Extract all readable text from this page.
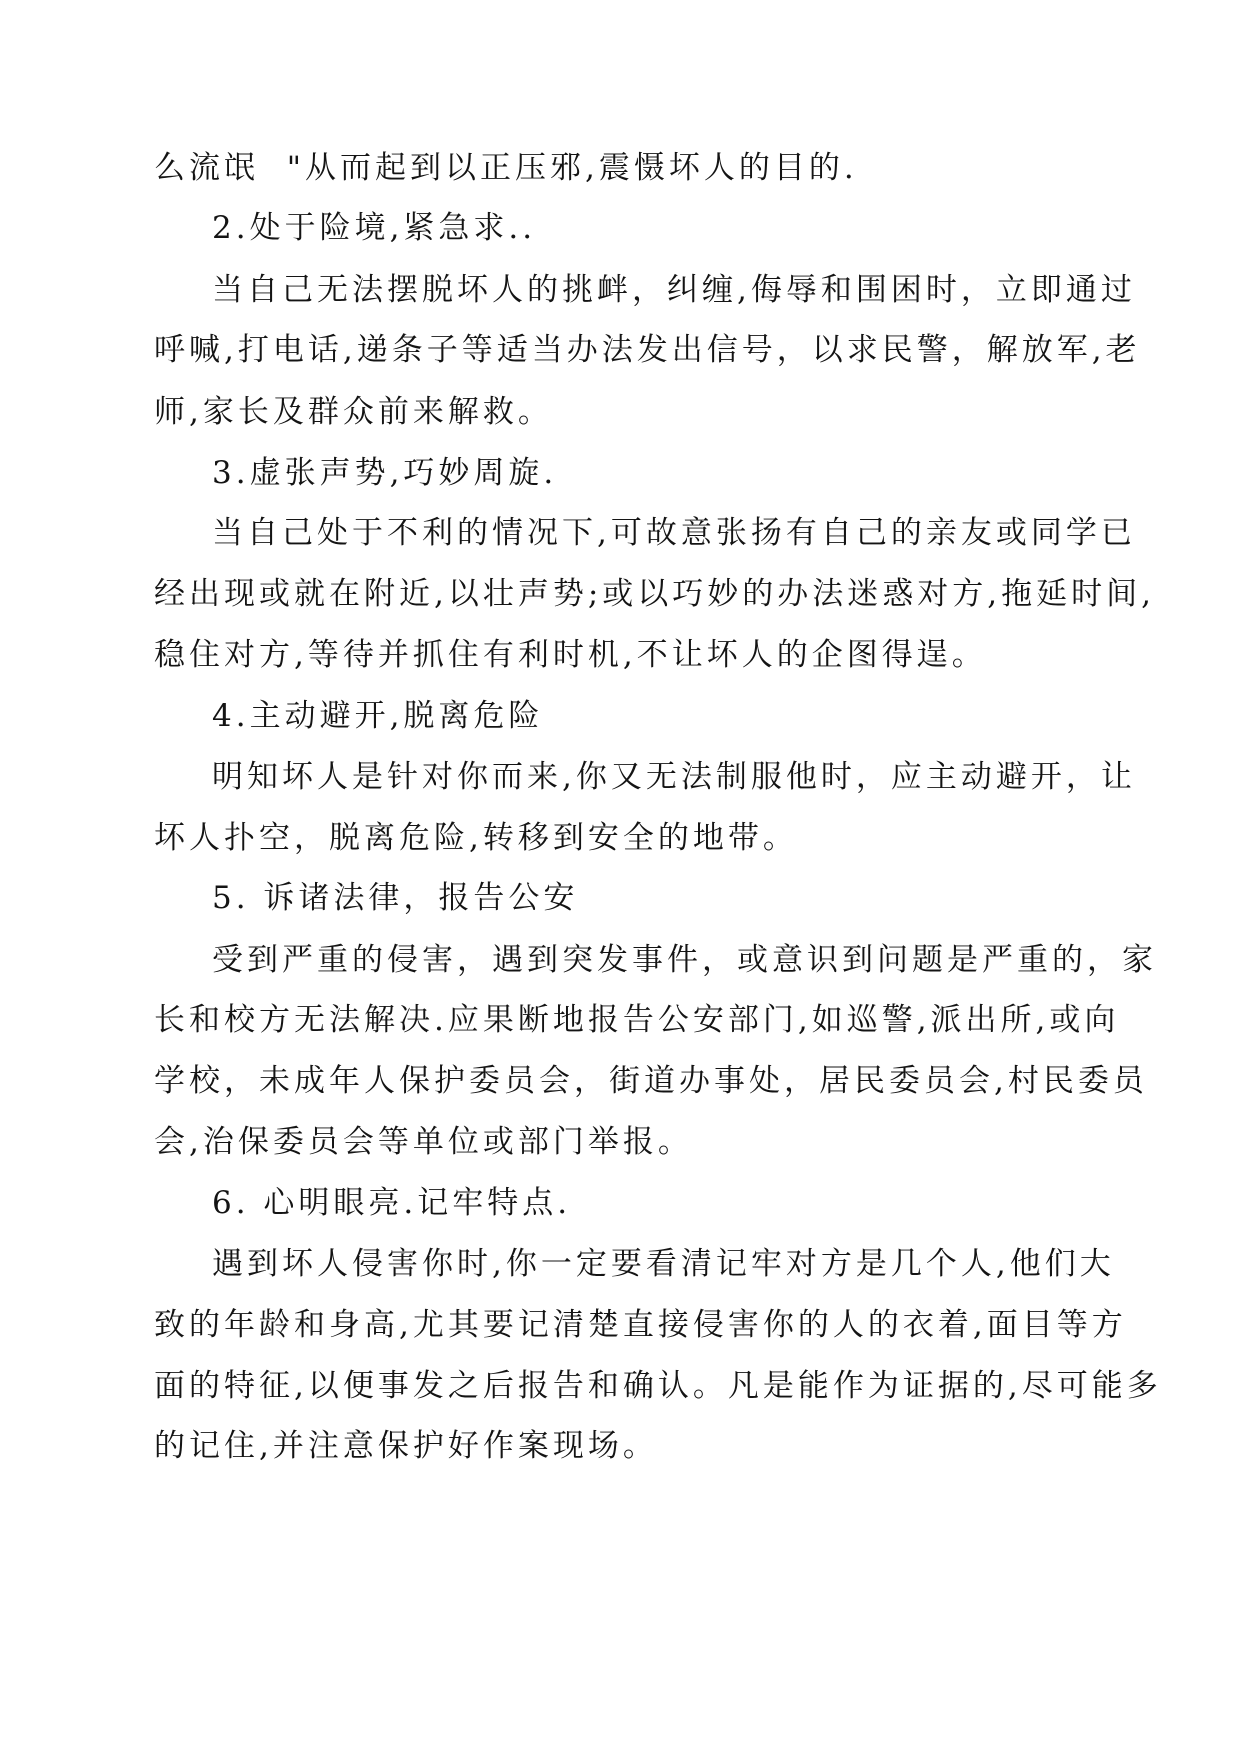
么流氓  "从而起到以正压邪,震慑坏人的目的.
2.处于险境,紧急求..
当自己无法摆脱坏人的挑衅，纠缠,侮辱和围困时，立即通过
呼喊,打电话,递条子等适当办法发出信号，以求民警，解放军,老
师,家长及群众前来解救。
3.虚张声势,巧妙周旋.
当自己处于不利的情况下,可故意张扬有自己的亲友或同学已
经出现或就在附近,以壮声势;或以巧妙的办法迷惑对方,拖延时间,
稳住对方,等待并抓住有利时机,不让坏人的企图得逞。
4.主动避开,脱离危险
明知坏人是针对你而来,你又无法制服他时，应主动避开，让
坏人扑空，脱离危险,转移到安全的地带。
5. 诉诸法律，报告公安
受到严重的侵害，遇到突发事件，或意识到问题是严重的，家
长和校方无法解决.应果断地报告公安部门,如巡警,派出所,或向
学校，未成年人保护委员会，街道办事处，居民委员会,村民委员
会,治保委员会等单位或部门举报。
6. 心明眼亮.记牢特点.
遇到坏人侵害你时,你一定要看清记牢对方是几个人,他们大
致的年龄和身高,尤其要记清楚直接侵害你的人的衣着,面目等方
面的特征,以便事发之后报告和确认。凡是能作为证据的,尽可能多
的记住,并注意保护好作案现场。
